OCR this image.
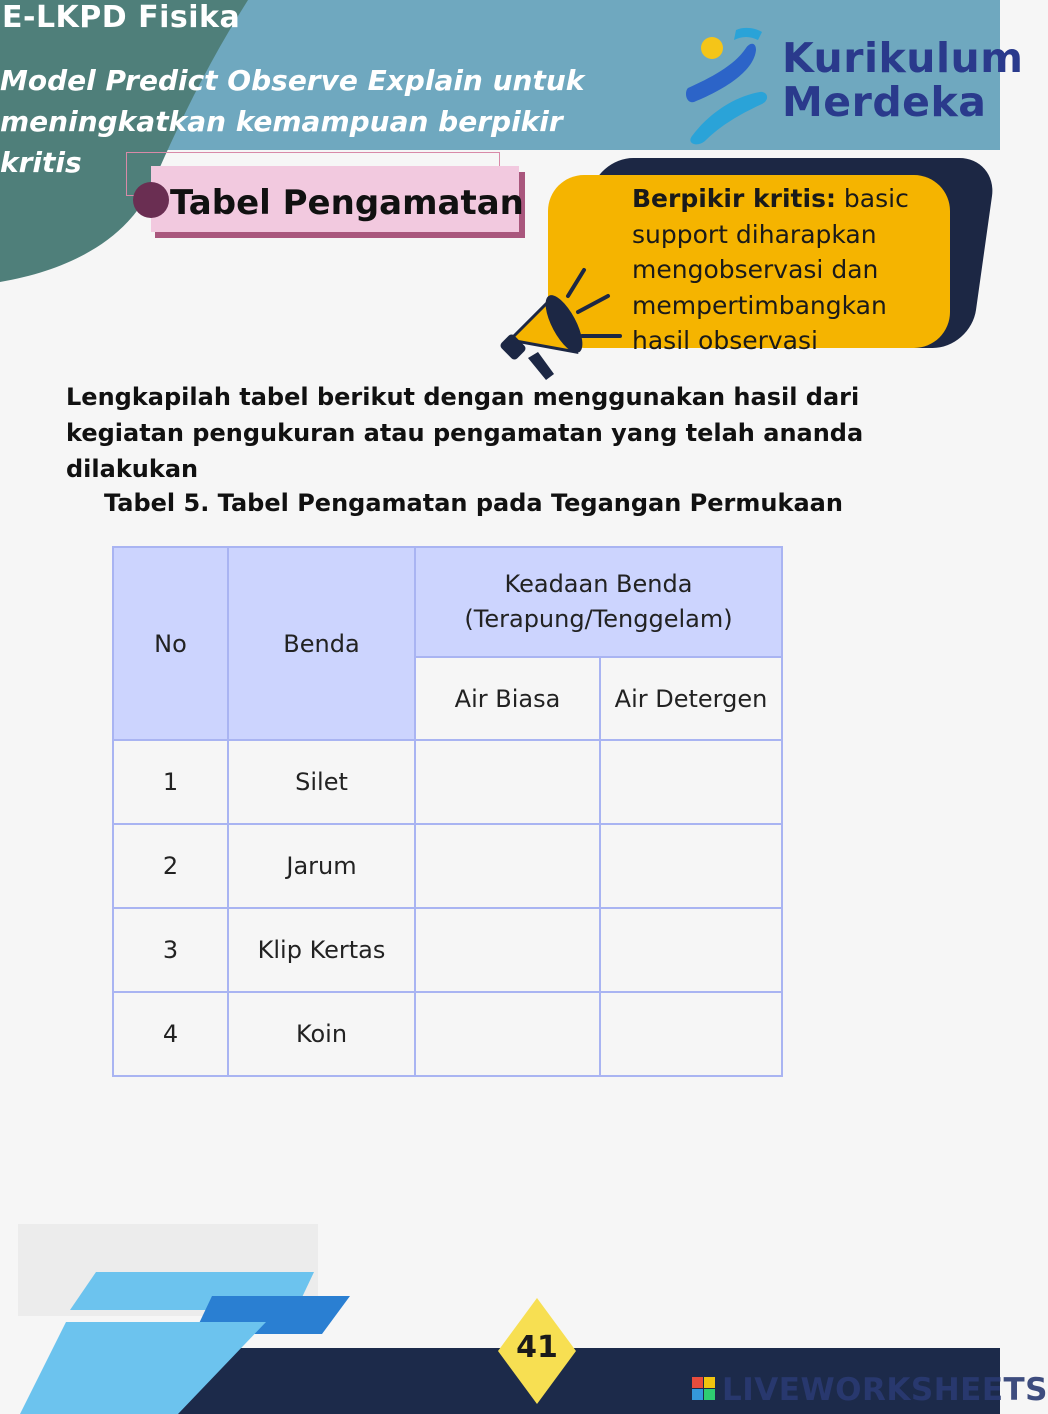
E-LKPD Fisika
Model Predict Observe Explain untuk
meningkatkan kemampuan berpikir kritis
Kurikulum
Merdeka
Tabel Pengamatan	Berpikir kritis: basic support diharapkan mengobservasi dan mempertimbangkan hasil observasi
Lengkapilah tabel berikut dengan menggunakan hasil dari kegiatan pengukuran atau pengamatan yang telah ananda dilakukan
Tabel 5. Tabel Pengamatan pada Tegangan Permukaan
No	Benda	Keadaan Benda
(Terapung/Tenggelam)	

		Air Biasa	Air Detergen
1	Silet		
2	Jarum		
3	Klip Kertas		
4	Koin		
41
LIVEWORKSHEETS
